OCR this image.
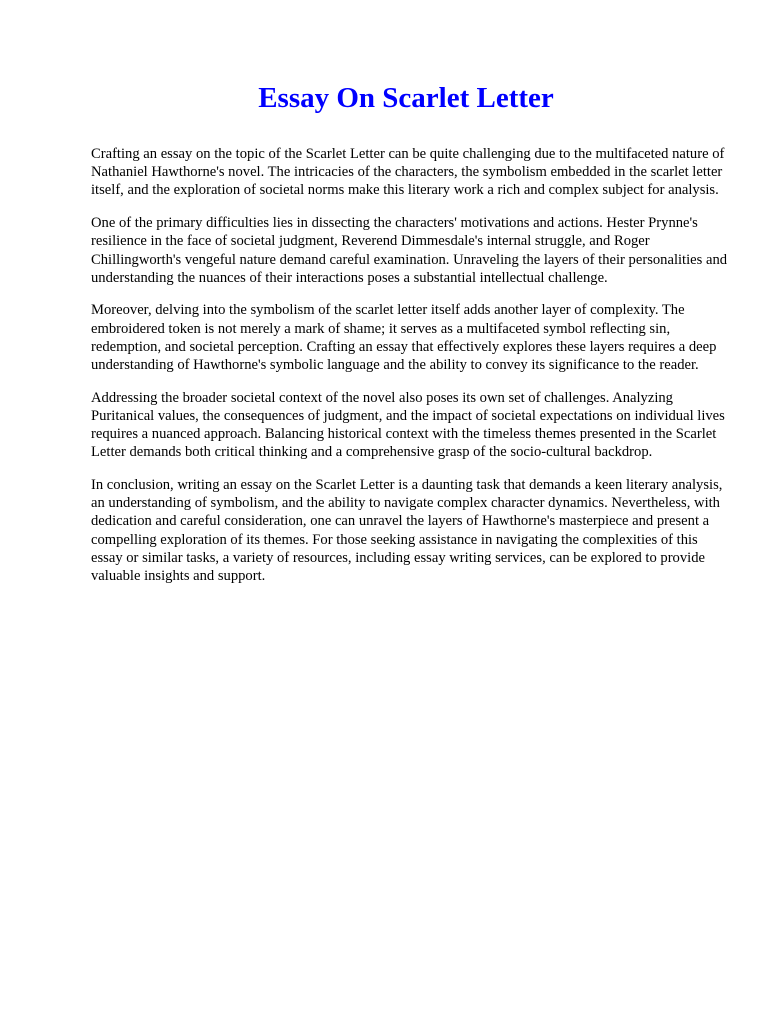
Essay On Scarlet Letter

Crafting an essay on the topic of the Scarlet Letter can be quite challenging due to the multifaceted nature of Nathaniel Hawthorne's novel. The intricacies of the characters, the symbolism embedded in the scarlet letter itself, and the exploration of societal norms make this literary work a rich and complex subject for analysis.

One of the primary difficulties lies in dissecting the characters' motivations and actions. Hester Prynne's resilience in the face of societal judgment, Reverend Dimmesdale's internal struggle, and Roger Chillingworth's vengeful nature demand careful examination. Unraveling the layers of their personalities and understanding the nuances of their interactions poses a substantial intellectual challenge.

Moreover, delving into the symbolism of the scarlet letter itself adds another layer of complexity. The embroidered token is not merely a mark of shame; it serves as a multifaceted symbol reflecting sin, redemption, and societal perception. Crafting an essay that effectively explores these layers requires a deep understanding of Hawthorne's symbolic language and the ability to convey its significance to the reader.

Addressing the broader societal context of the novel also poses its own set of challenges. Analyzing Puritanical values, the consequences of judgment, and the impact of societal expectations on individual lives requires a nuanced approach. Balancing historical context with the timeless themes presented in the Scarlet Letter demands both critical thinking and a comprehensive grasp of the socio-cultural backdrop.

In conclusion, writing an essay on the Scarlet Letter is a daunting task that demands a keen literary analysis, an understanding of symbolism, and the ability to navigate complex character dynamics. Nevertheless, with dedication and careful consideration, one can unravel the layers of Hawthorne's masterpiece and present a compelling exploration of its themes. For those seeking assistance in navigating the complexities of this essay or similar tasks, a variety of resources, including essay writing services, can be explored to provide valuable insights and support.
